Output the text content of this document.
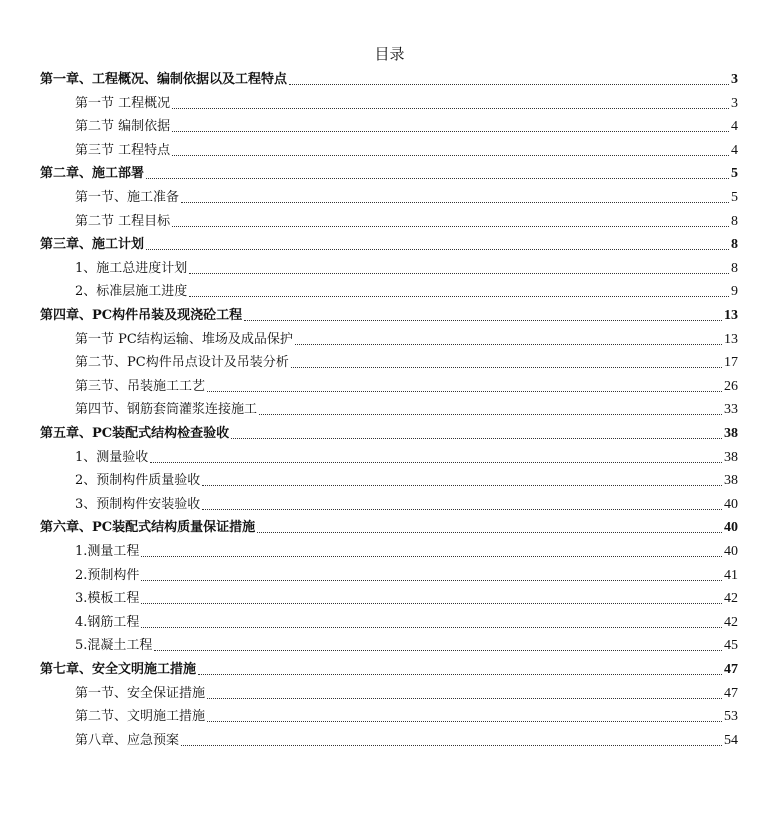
目录
第一章、工程概况、编制依据以及工程特点	3
第一节 工程概况	3
第二节 编制依据	4
第三节 工程特点	4
第二章、施工部署	5
第一节、施工准备	5
第二节 工程目标	8
第三章、施工计划	8
1、施工总进度计划	8
2、标准层施工进度	9
第四章、PC构件吊装及现浇砼工程	13
第一节 PC结构运输、堆场及成品保护	13
第二节、PC构件吊点设计及吊装分析	17
第三节、吊装施工工艺	26
第四节、钢筋套筒灌浆连接施工	33
第五章、PC装配式结构检查验收	38
1、测量验收	38
2、预制构件质量验收	38
3、预制构件安装验收	40
第六章、PC装配式结构质量保证措施	40
1.测量工程	40
2.预制构件	41
3.模板工程	42
4.钢筋工程	42
5.混凝土工程	45
第七章、安全文明施工措施	47
第一节、安全保证措施	47
第二节、文明施工措施	53
第八章、应急预案	54
